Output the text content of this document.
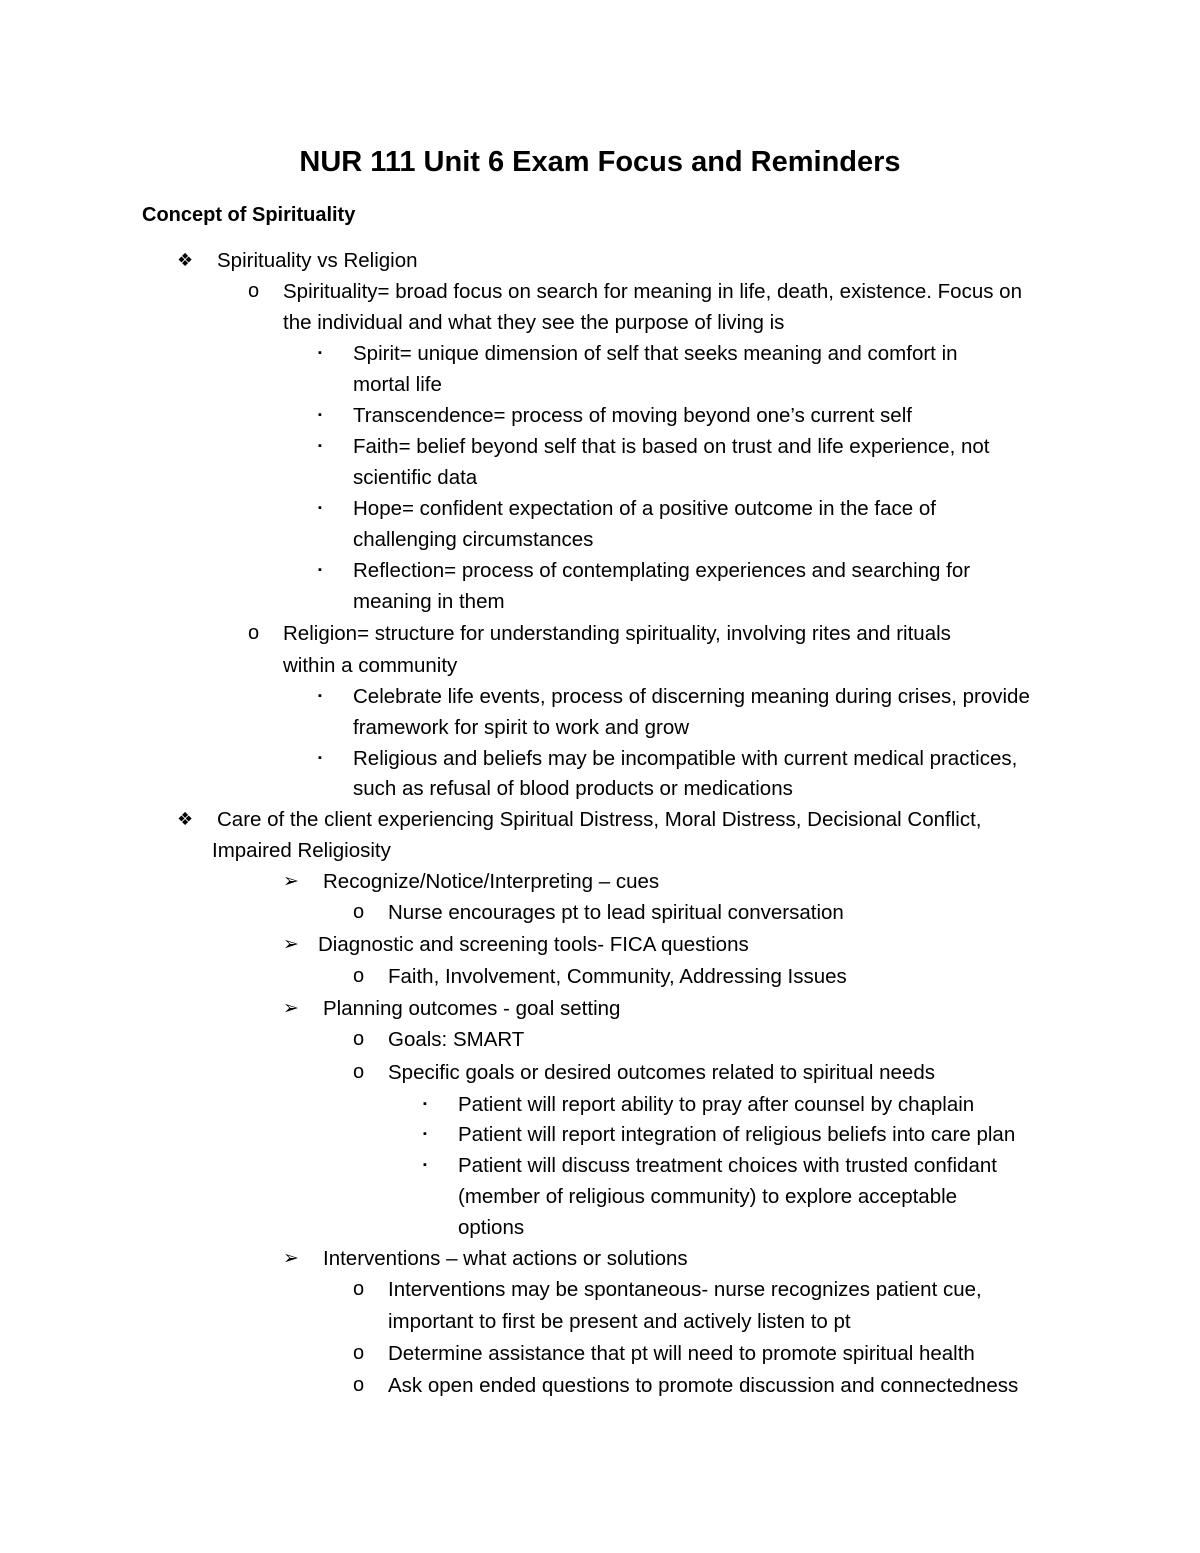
NUR 111 Unit 6 Exam Focus and Reminders
Concept of Spirituality
❖ Spirituality vs Religion
o Spirituality= broad focus on search for meaning in life, death, existence. Focus on
the individual and what they see the purpose of living is
▪ Spirit= unique dimension of self that seeks meaning and comfort in
mortal life
▪ Transcendence= process of moving beyond one’s current self
▪ Faith= belief beyond self that is based on trust and life experience, not
scientific data
▪ Hope= confident expectation of a positive outcome in the face of
challenging circumstances
▪ Reflection= process of contemplating experiences and searching for
meaning in them
o Religion= structure for understanding spirituality, involving rites and rituals
within a community
▪ Celebrate life events, process of discerning meaning during crises, provide
framework for spirit to work and grow
▪ Religious and beliefs may be incompatible with current medical practices,
such as refusal of blood products or medications
❖ Care of the client experiencing Spiritual Distress, Moral Distress, Decisional Conflict,
Impaired Religiosity
➢ Recognize/Notice/Interpreting – cues
o Nurse encourages pt to lead spiritual conversation
➢ Diagnostic and screening tools- FICA questions
o Faith, Involvement, Community, Addressing Issues
➢ Planning outcomes - goal setting
o Goals: SMART
o Specific goals or desired outcomes related to spiritual needs
▪ Patient will report ability to pray after counsel by chaplain
▪ Patient will report integration of religious beliefs into care plan
▪ Patient will discuss treatment choices with trusted confidant
(member of religious community) to explore acceptable
options
➢ Interventions – what actions or solutions
o Interventions may be spontaneous- nurse recognizes patient cue,
important to first be present and actively listen to pt
o Determine assistance that pt will need to promote spiritual health
o Ask open ended questions to promote discussion and connectedness
